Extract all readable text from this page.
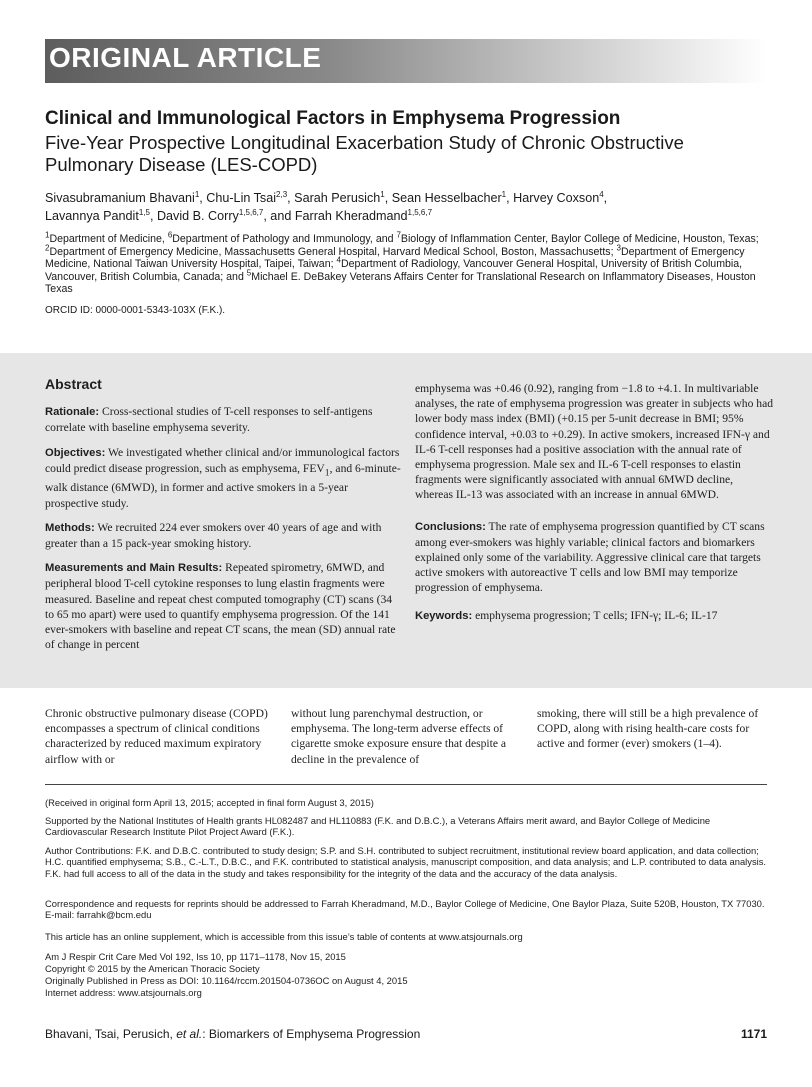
ORIGINAL ARTICLE
Clinical and Immunological Factors in Emphysema Progression
Five-Year Prospective Longitudinal Exacerbation Study of Chronic Obstructive Pulmonary Disease (LES-COPD)
Sivasubramanium Bhavani$^1$, Chu-Lin Tsai$^{2,3}$, Sarah Perusich$^1$, Sean Hesselbacher$^1$, Harvey Coxson$^4$,
Lavannya Pandit$^{1,5}$, David B. Corry$^{1,5,6,7}$, and Farrah Kheradmand$^{1,5,6,7}$
$^1$Department of Medicine, $^6$Department of Pathology and Immunology, and $^7$Biology of Inflammation Center, Baylor College of Medicine, Houston, Texas; $^2$Department of Emergency Medicine, Massachusetts General Hospital, Harvard Medical School, Boston, Massachusetts; $^3$Department of Emergency Medicine, National Taiwan University Hospital, Taipei, Taiwan; $^4$Department of Radiology, Vancouver General Hospital, University of British Columbia, Vancouver, British Columbia, Canada; and $^5$Michael E. DeBakey Veterans Affairs Center for Translational Research on Inflammatory Diseases, Houston Texas
ORCID ID: 0000-0001-5343-103X (F.K.).
Abstract

Rationale: Cross-sectional studies of T-cell responses to self-antigens correlate with baseline emphysema severity.

Objectives: We investigated whether clinical and/or immunological factors could predict disease progression, such as emphysema, $FEV_1$, and 6-minute-walk distance (6MWD), in former and active smokers in a 5-year prospective study.

Methods: We recruited 224 ever smokers over 40 years of age and with greater than a 15 pack-year smoking history.

Measurements and Main Results: Repeated spirometry, 6MWD, and peripheral blood T-cell cytokine responses to lung elastin fragments were measured. Baseline and repeat chest computed tomography (CT) scans (34 to 65 mo apart) were used to quantify emphysema progression. Of the 141 ever-smokers with baseline and repeat CT scans, the mean (SD) annual rate of change in percent

emphysema was +0.46 (0.92), ranging from −1.8 to +4.1. In multivariable analyses, the rate of emphysema progression was greater in subjects who had lower body mass index (BMI) (+0.15 per 5-unit decrease in BMI; 95% confidence interval, +0.03 to +0.29). In active smokers, increased IFN-γ and IL-6 T-cell responses had a positive association with the annual rate of emphysema progression. Male sex and IL-6 T-cell responses to elastin fragments were significantly associated with annual 6MWD decline, whereas IL-13 was associated with an increase in annual 6MWD.

Conclusions: The rate of emphysema progression quantified by CT scans among ever-smokers was highly variable; clinical factors and biomarkers explained only some of the variability. Aggressive clinical care that targets active smokers with autoreactive T cells and low BMI may temporize progression of emphysema.

Keywords: emphysema progression; T cells; IFN-γ; IL-6; IL-17

Chronic obstructive pulmonary disease (COPD) encompasses a spectrum of clinical conditions characterized by reduced maximum expiratory airflow with or
without lung parenchymal destruction, or emphysema. The long-term adverse effects of cigarette smoke exposure ensure that despite a decline in the prevalence of
smoking, there will still be a high prevalence of COPD, along with rising health-care costs for active and former (ever) smokers (1–4).
(Received in original form April 13, 2015; accepted in final form August 3, 2015)
Supported by the National Institutes of Health grants HL082487 and HL110883 (F.K. and D.B.C.), a Veterans Affairs merit award, and Baylor College of Medicine Cardiovascular Research Institute Pilot Project Award (F.K.).
Author Contributions: F.K. and D.B.C. contributed to study design; S.P. and S.H. contributed to subject recruitment, institutional review board application, and data collection; H.C. quantified emphysema; S.B., C.-L.T., D.B.C., and F.K. contributed to statistical analysis, manuscript composition, and data analysis; and L.P. contributed to data analysis. F.K. had full access to all of the data in the study and takes responsibility for the integrity of the data and the accuracy of the data analysis.
Correspondence and requests for reprints should be addressed to Farrah Kheradmand, M.D., Baylor College of Medicine, One Baylor Plaza, Suite 520B, Houston, TX 77030. E-mail: farrahk@bcm.edu
This article has an online supplement, which is accessible from this issue’s table of contents at www.atsjournals.org
Am J Respir Crit Care Med Vol 192, Iss 10, pp 1171–1178, Nov 15, 2015
Copyright © 2015 by the American Thoracic Society
Originally Published in Press as DOI: 10.1164/rccm.201504-0736OC on August 4, 2015
Internet address: www.atsjournals.org
Bhavani, Tsai, Perusich, et al.: Biomarkers of Emphysema Progression	1171
